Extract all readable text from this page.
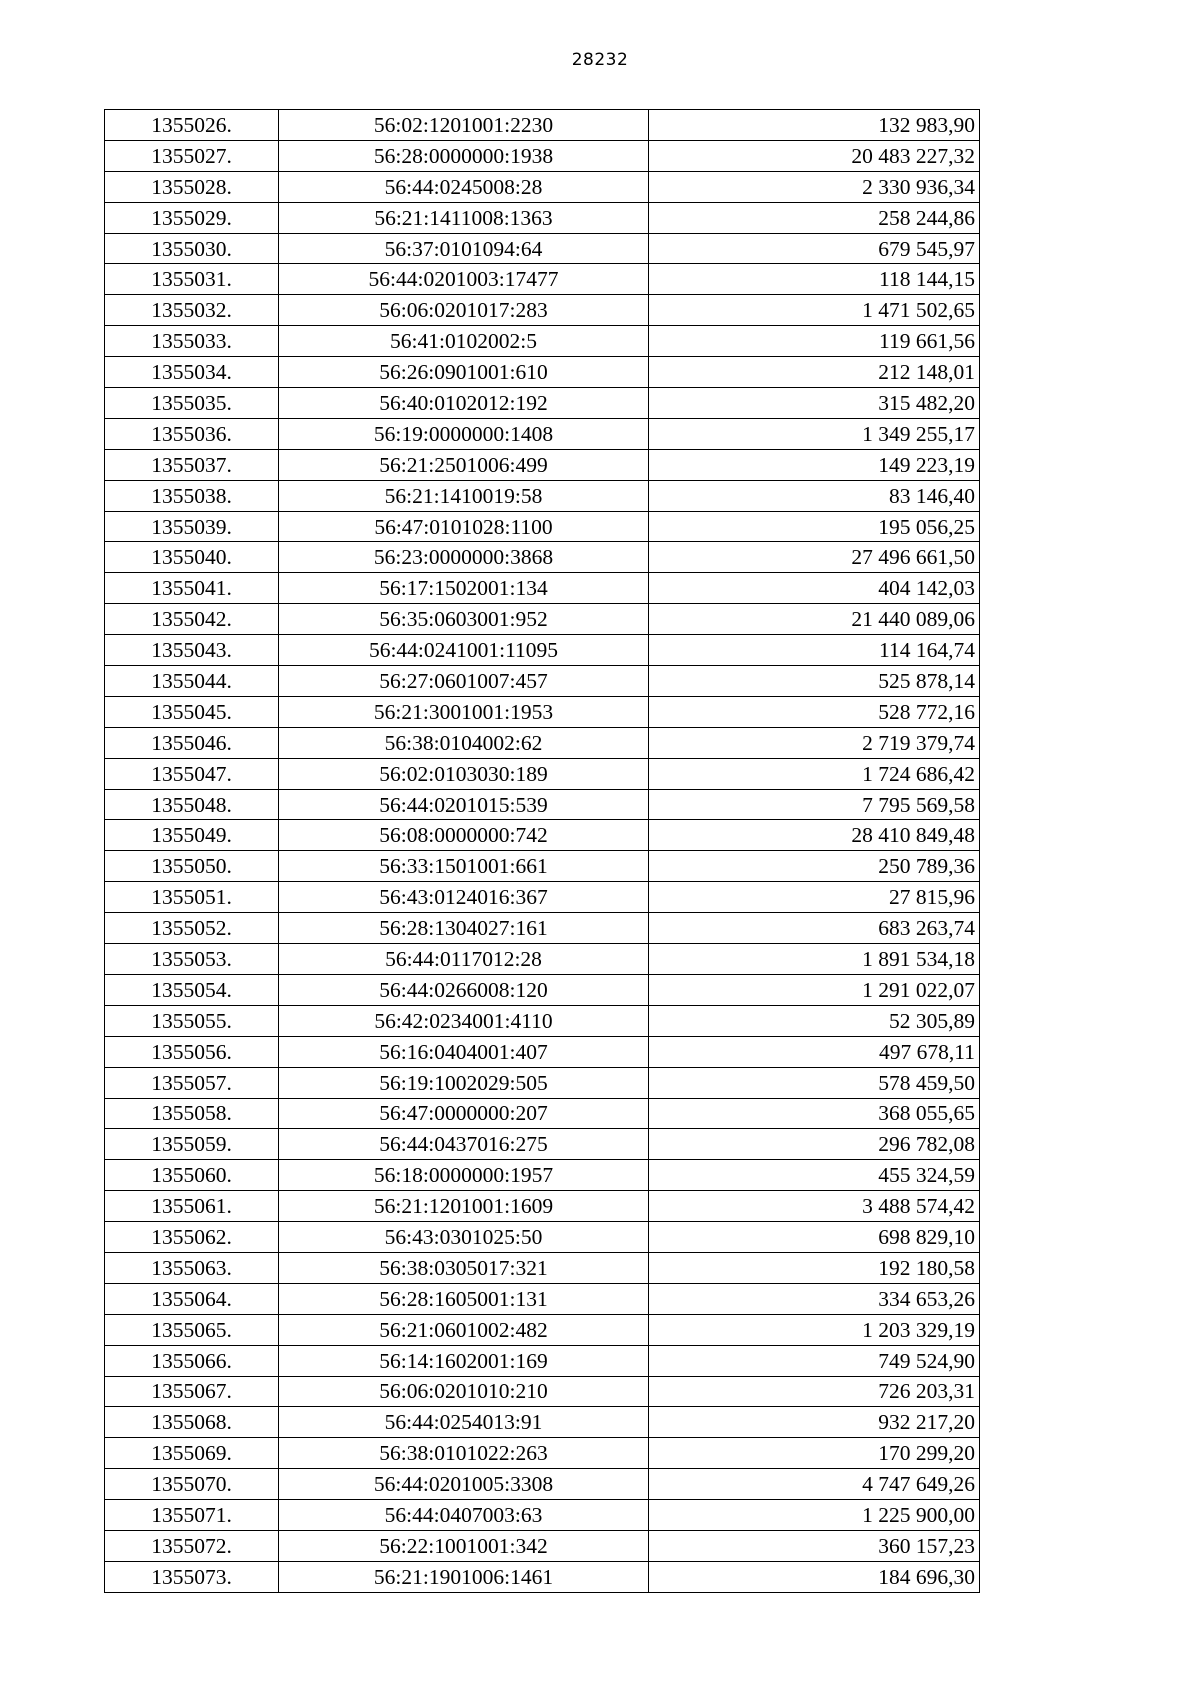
28232
1355026.	56:02:1201001:2230	132 983,90
1355027.	56:28:0000000:1938	20 483 227,32
1355028.	56:44:0245008:28	2 330 936,34
1355029.	56:21:1411008:1363	258 244,86
1355030.	56:37:0101094:64	679 545,97
1355031.	56:44:0201003:17477	118 144,15
1355032.	56:06:0201017:283	1 471 502,65
1355033.	56:41:0102002:5	119 661,56
1355034.	56:26:0901001:610	212 148,01
1355035.	56:40:0102012:192	315 482,20
1355036.	56:19:0000000:1408	1 349 255,17
1355037.	56:21:2501006:499	149 223,19
1355038.	56:21:1410019:58	83 146,40
1355039.	56:47:0101028:1100	195 056,25
1355040.	56:23:0000000:3868	27 496 661,50
1355041.	56:17:1502001:134	404 142,03
1355042.	56:35:0603001:952	21 440 089,06
1355043.	56:44:0241001:11095	114 164,74
1355044.	56:27:0601007:457	525 878,14
1355045.	56:21:3001001:1953	528 772,16
1355046.	56:38:0104002:62	2 719 379,74
1355047.	56:02:0103030:189	1 724 686,42
1355048.	56:44:0201015:539	7 795 569,58
1355049.	56:08:0000000:742	28 410 849,48
1355050.	56:33:1501001:661	250 789,36
1355051.	56:43:0124016:367	27 815,96
1355052.	56:28:1304027:161	683 263,74
1355053.	56:44:0117012:28	1 891 534,18
1355054.	56:44:0266008:120	1 291 022,07
1355055.	56:42:0234001:4110	52 305,89
1355056.	56:16:0404001:407	497 678,11
1355057.	56:19:1002029:505	578 459,50
1355058.	56:47:0000000:207	368 055,65
1355059.	56:44:0437016:275	296 782,08
1355060.	56:18:0000000:1957	455 324,59
1355061.	56:21:1201001:1609	3 488 574,42
1355062.	56:43:0301025:50	698 829,10
1355063.	56:38:0305017:321	192 180,58
1355064.	56:28:1605001:131	334 653,26
1355065.	56:21:0601002:482	1 203 329,19
1355066.	56:14:1602001:169	749 524,90
1355067.	56:06:0201010:210	726 203,31
1355068.	56:44:0254013:91	932 217,20
1355069.	56:38:0101022:263	170 299,20
1355070.	56:44:0201005:3308	4 747 649,26
1355071.	56:44:0407003:63	1 225 900,00
1355072.	56:22:1001001:342	360 157,23
1355073.	56:21:1901006:1461	184 696,30
